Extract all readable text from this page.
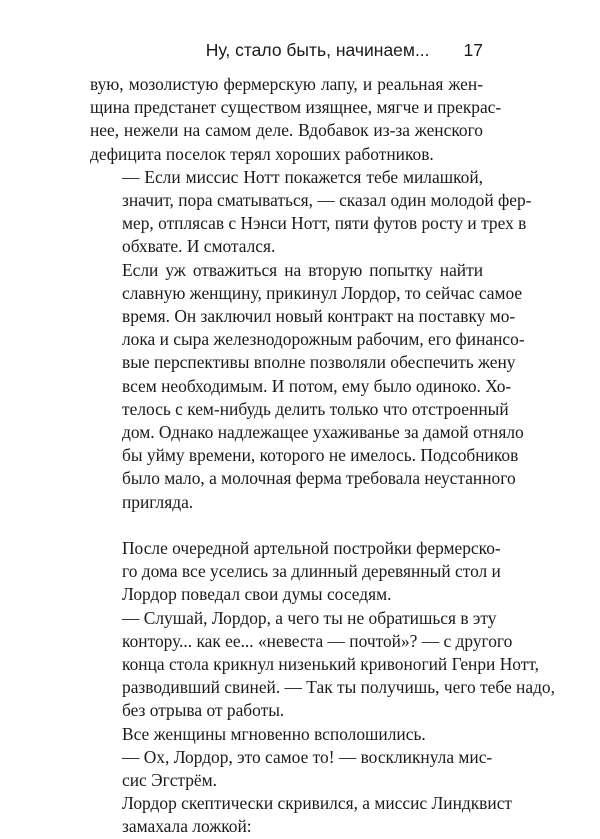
Ну, стало быть, начинаем... 17

вую, мозолистую фермерскую лапу, и реальная жен-
щина предстанет существом изящнее, мягче и прекрас-
нее, нежели на самом деле. Вдобавок из-за женского
дефицита поселок терял хороших работников.

— Если миссис Нотт покажется тебе милашкой,
значит, пора сматываться, — сказал один молодой фер-
мер, отплясав с Нэнси Нотт, пяти футов росту и трех в
обхвате. И смотался.

Если уж отважиться на вторую попытку найти
славную женщину, прикинул Лордор, то сейчас самое
время. Он заключил новый контракт на поставку мо-
лока и сыра железнодорожным рабочим, его финансо-
вые перспективы вполне позволяли обеспечить жену
всем необходимым. И потом, ему было одиноко. Хо-
телось с кем-нибудь делить только что отстроенный
дом. Однако надлежащее ухаживанье за дамой отняло
бы уйму времени, которого не имелось. Подсобников
было мало, а молочная ферма требовала неустанного
пригляда.

После очередной артельной постройки фермерско-
го дома все уселись за длинный деревянный стол и
Лордор поведал свои думы соседям.

— Слушай, Лордор, а чего ты не обратишься в эту
контору... как ее... «невеста — почтой»? — с другого
конца стола крикнул низенький кривоногий Генри Нотт,
разводивший свиней. — Так ты получишь, чего тебе надо,
без отрыва от работы.

Все женщины мгновенно всполошились.

— Ох, Лордор, это самое то! — воскликнула мис-
сис Эгстрём.

Лордор скептически скривился, а миссис Линдквист
замахала ложкой:
